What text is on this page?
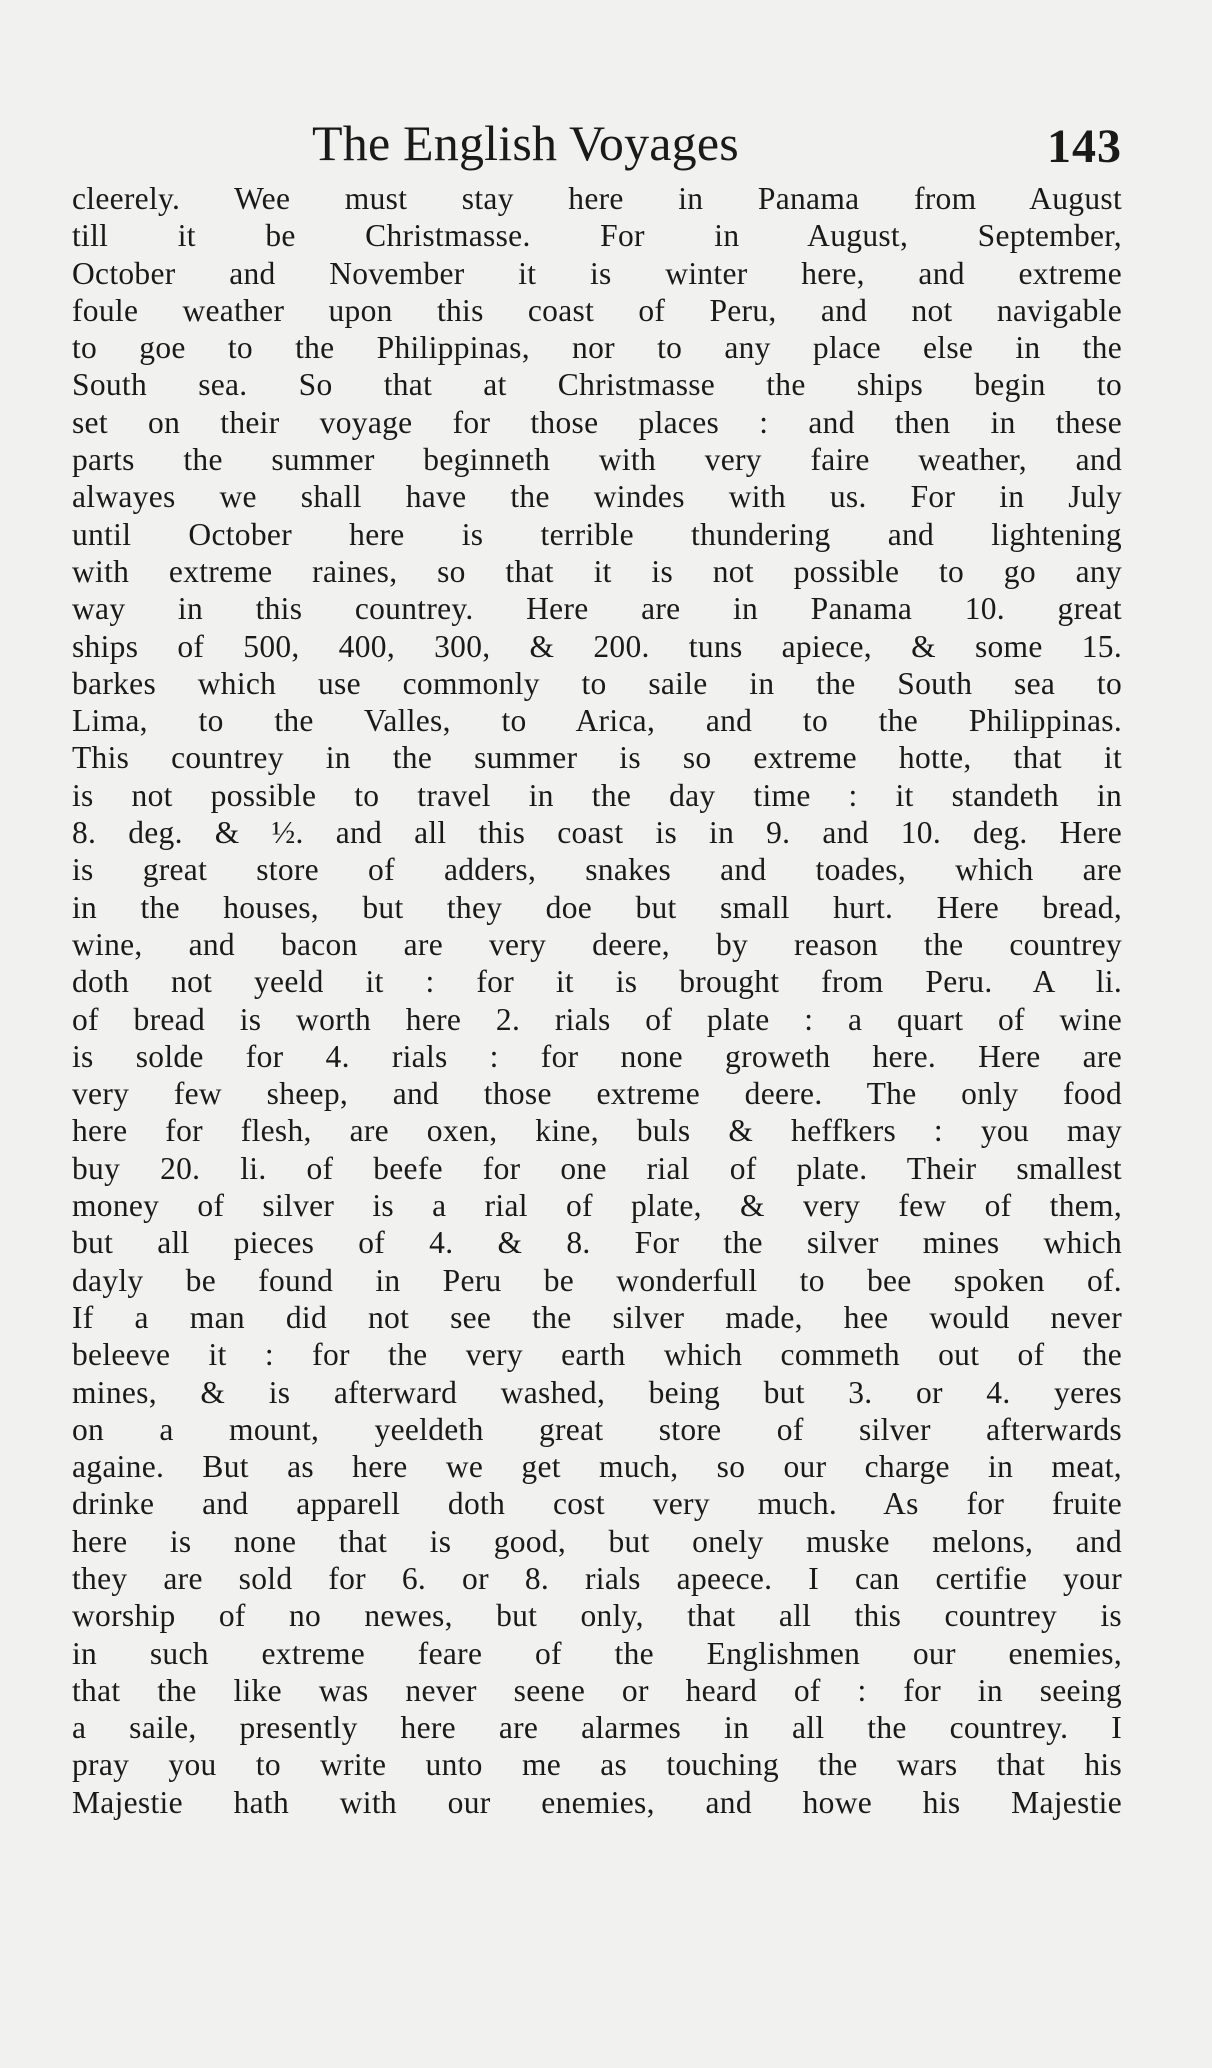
The English Voyages	143
cleerely. Wee must stay here in Panama from August
till it be Christmasse. For in August, September,
October and November it is winter here, and extreme
foule weather upon this coast of Peru, and not navigable
to goe to the Philippinas, nor to any place else in the
South sea. So that at Christmasse the ships begin to
set on their voyage for those places : and then in these
parts the summer beginneth with very faire weather, and
alwayes we shall have the windes with us. For in July
until October here is terrible thundering and lightening
with extreme raines, so that it is not possible to go any
way in this countrey. Here are in Panama 10. great
ships of 500, 400, 300, & 200. tuns apiece, & some 15.
barkes which use commonly to saile in the South sea to
Lima, to the Valles, to Arica, and to the Philippinas.
This countrey in the summer is so extreme hotte, that it
is not possible to travel in the day time : it standeth in
8. deg. & ½. and all this coast is in 9. and 10. deg. Here
is great store of adders, snakes and toades, which are
in the houses, but they doe but small hurt. Here bread,
wine, and bacon are very deere, by reason the countrey
doth not yeeld it : for it is brought from Peru. A li.
of bread is worth here 2. rials of plate : a quart of wine
is solde for 4. rials : for none groweth here. Here are
very few sheep, and those extreme deere. The only food
here for flesh, are oxen, kine, buls & heffkers : you may
buy 20. li. of beefe for one rial of plate. Their smallest
money of silver is a rial of plate, & very few of them,
but all pieces of 4. & 8. For the silver mines which
dayly be found in Peru be wonderfull to bee spoken of.
If a man did not see the silver made, hee would never
beleeve it : for the very earth which commeth out of the
mines, & is afterward washed, being but 3. or 4. yeres
on a mount, yeeldeth great store of silver afterwards
againe. But as here we get much, so our charge in meat,
drinke and apparell doth cost very much. As for fruite
here is none that is good, but onely muske melons, and
they are sold for 6. or 8. rials apeece. I can certifie your
worship of no newes, but only, that all this countrey is
in such extreme feare of the Englishmen our enemies,
that the like was never seene or heard of : for in seeing
a saile, presently here are alarmes in all the countrey. I
pray you to write unto me as touching the wars that his
Majestie hath with our enemies, and howe his Majestie
